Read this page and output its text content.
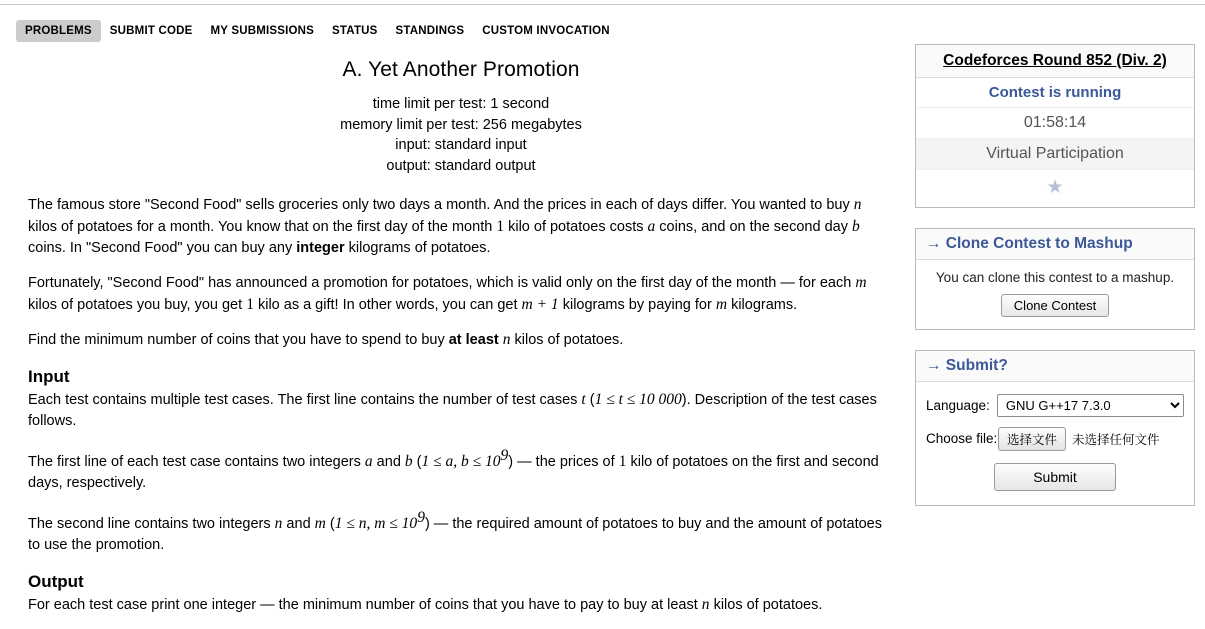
PROBLEMS	SUBMIT CODE	MY SUBMISSIONS	STATUS	STANDINGS	CUSTOM INVOCATION
A. Yet Another Promotion
time limit per test: 1 second
memory limit per test: 256 megabytes
input: standard input
output: standard output

The famous store "Second Food" sells groceries only two days a month. And the prices in each of days differ. You wanted to buy n kilos of potatoes for a month. You know that on the first day of the month 1 kilo of potatoes costs a coins, and on the second day b coins. In "Second Food" you can buy any integer kilograms of potatoes.

Fortunately, "Second Food" has announced a promotion for potatoes, which is valid only on the first day of the month — for each m kilos of potatoes you buy, you get 1 kilo as a gift! In other words, you can get m + 1 kilograms by paying for m kilograms.

Find the minimum number of coins that you have to spend to buy at least n kilos of potatoes.

Input

Each test contains multiple test cases. The first line contains the number of test cases t (1 ≤ t ≤ 10 000). Description of the test cases follows.

The first line of each test case contains two integers a and b (1 ≤ a, $b \le 10^9$) — the prices of 1 kilo of potatoes on the first and second days, respectively.

The second line contains two integers n and m (1 ≤ n, $m \le 10^9$) — the required amount of potatoes to buy and the amount of potatoes to use the promotion.

Output

For each test case print one integer — the minimum number of coins that you have to pay to buy at least n kilos of potatoes.

Codeforces Round 852 (Div. 2)
Contest is running
01:58:14
Virtual Participation
★
→ Clone Contest to Mashup
You can clone this contest to a mashup.
Clone Contest
→ Submit?
Language:
GNU G++17 7.3.0
Choose file: 选择文件	未选择任何文件
Submit
